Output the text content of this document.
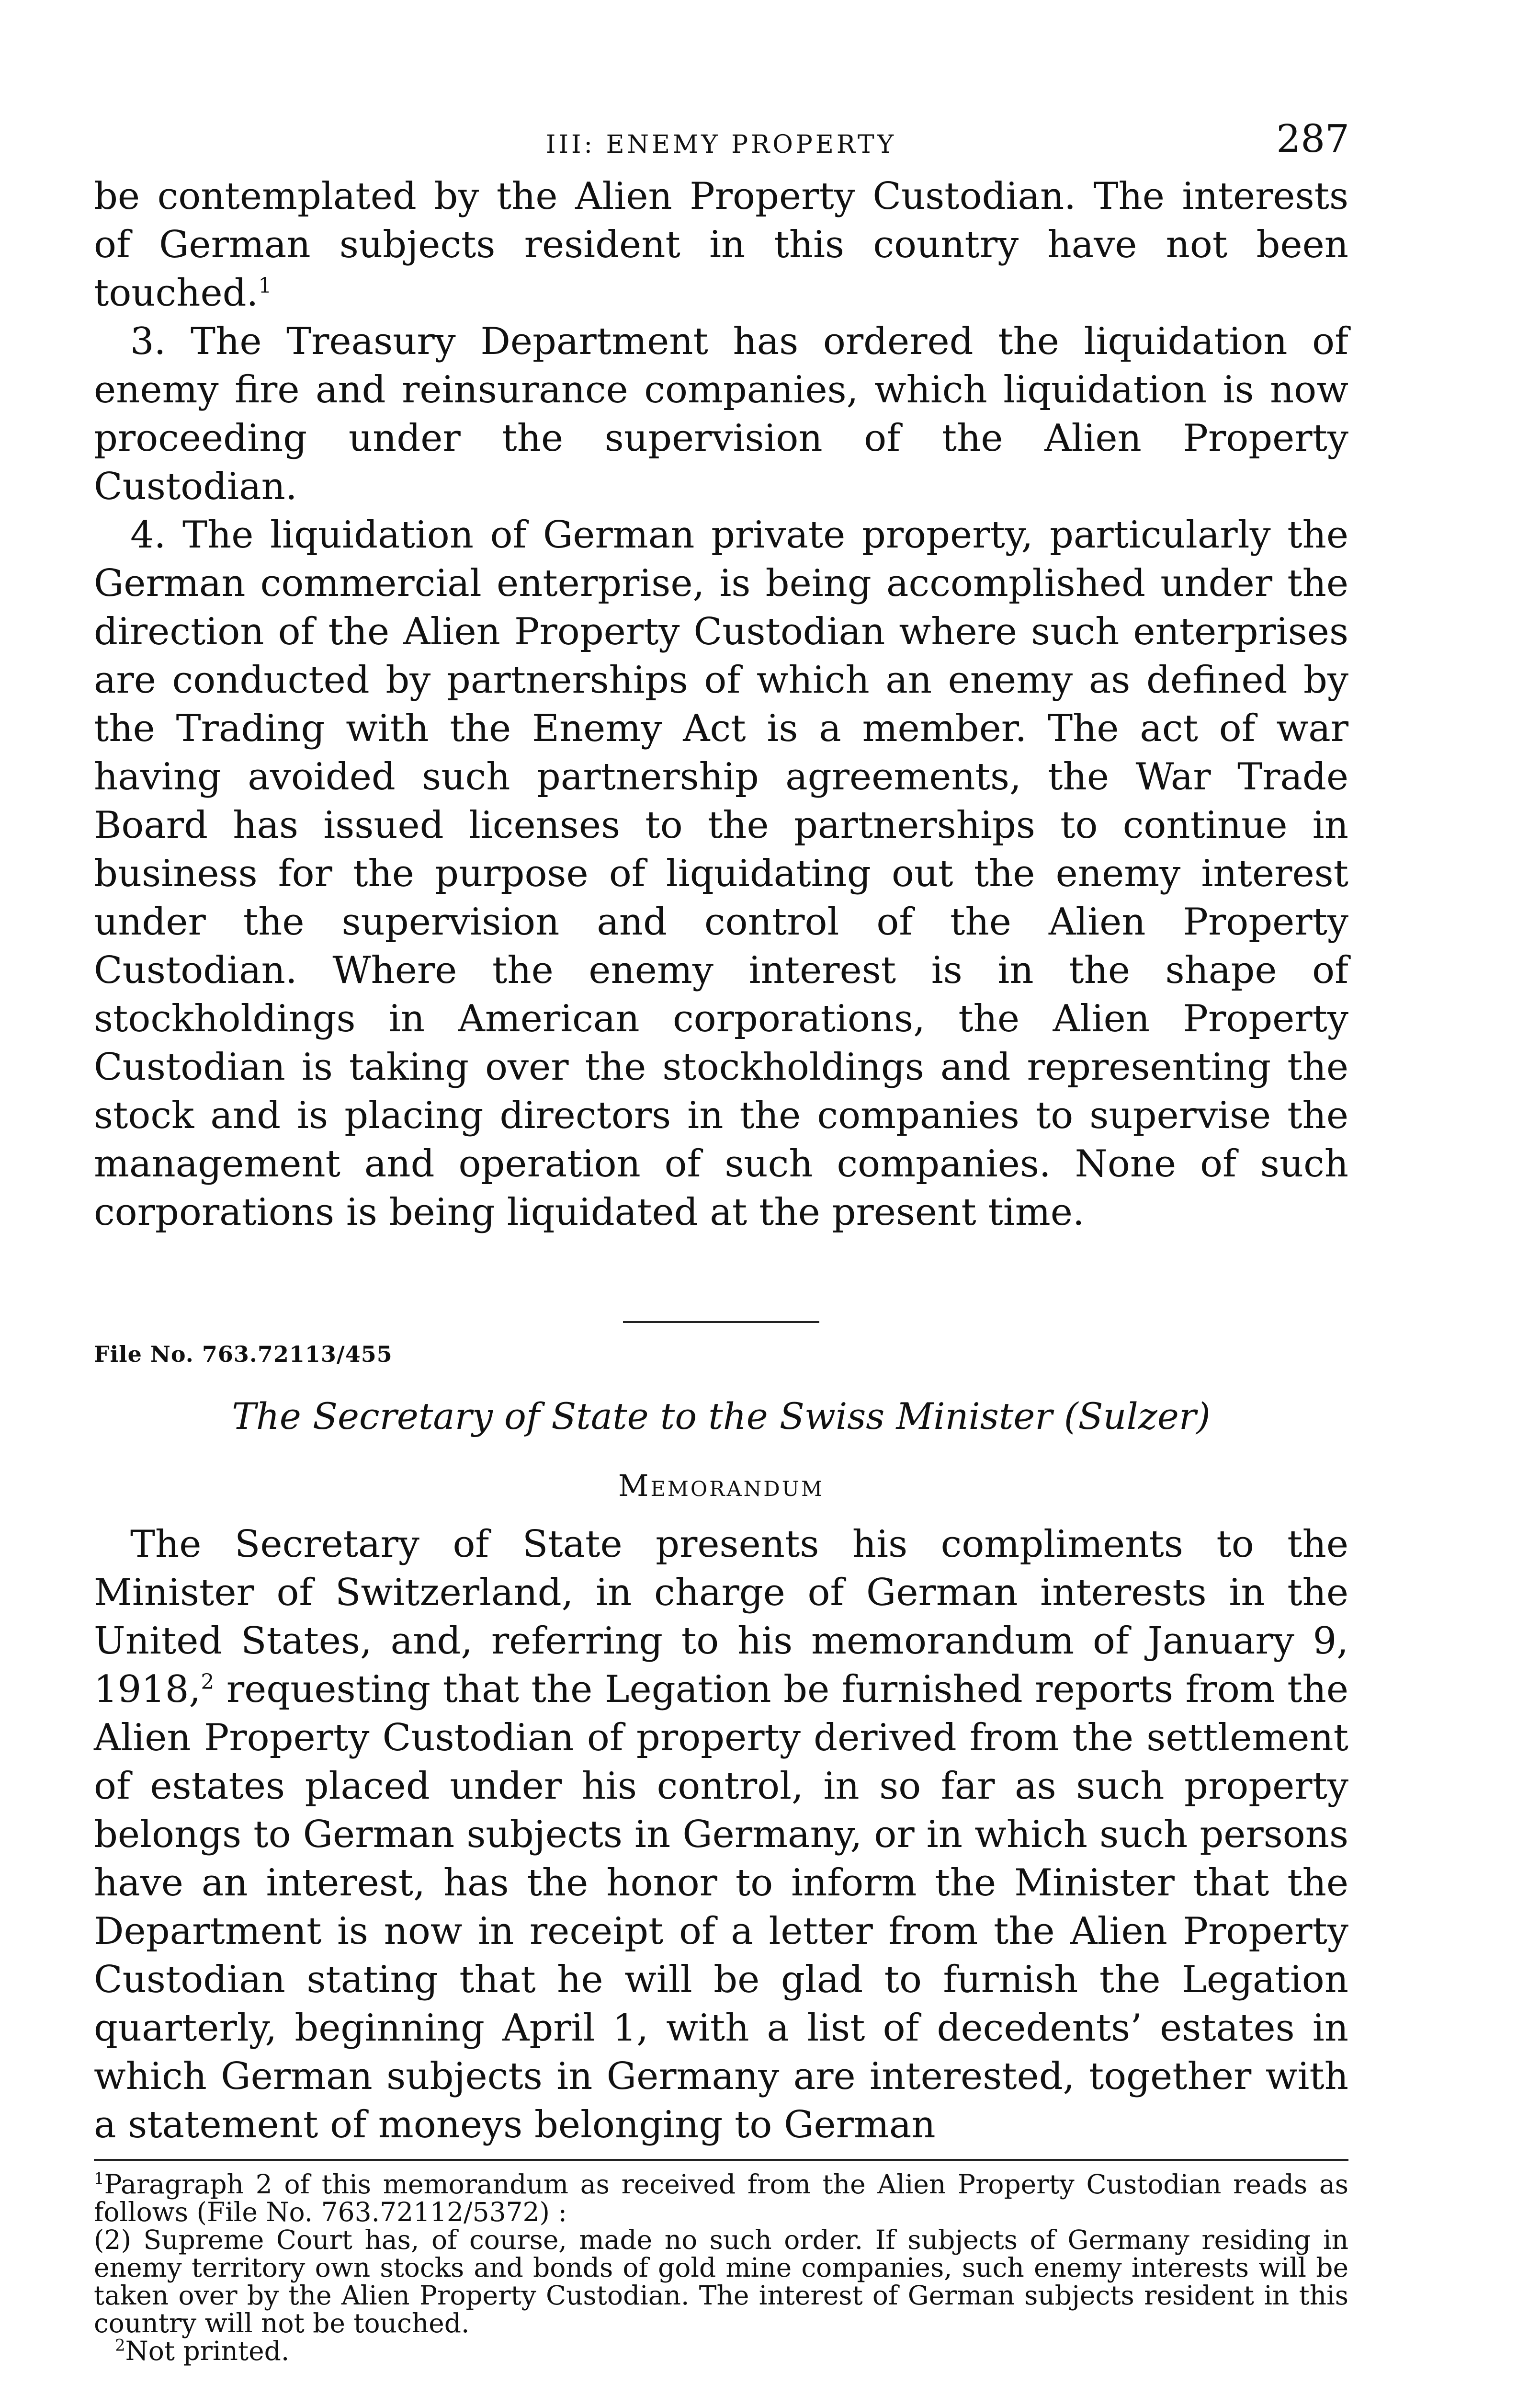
III: ENEMY PROPERTY	287

be contemplated by the Alien Property Custodian. The interests of German subjects resident in this country have not been touched.$^1$

3. The Treasury Department has ordered the liquidation of enemy fire and reinsurance companies, which liquidation is now proceeding under the supervision of the Alien Property Custodian.

4. The liquidation of German private property, particularly the German commercial enterprise, is being accomplished under the direction of the Alien Property Custodian where such enterprises are conducted by partnerships of which an enemy as defined by the Trading with the Enemy Act is a member. The act of war having avoided such partnership agreements, the War Trade Board has issued licenses to the partnerships to continue in business for the purpose of liquidating out the enemy interest under the supervision and control of the Alien Property Custodian. Where the enemy interest is in the shape of stockholdings in American corporations, the Alien Property Custodian is taking over the stockholdings and representing the stock and is placing directors in the companies to supervise the management and operation of such companies. None of such corporations is being liquidated at the present time.

File No. 763.72113/455
The Secretary of State to the Swiss Minister (Sulzer)
Memorandum

The Secretary of State presents his compliments to the Minister of Switzerland, in charge of German interests in the United States, and, referring to his memorandum of January 9, 1918,$^2$ requesting that the Legation be furnished reports from the Alien Property Custodian of property derived from the settlement of estates placed under his control, in so far as such property belongs to German subjects in Germany, or in which such persons have an interest, has the honor to inform the Minister that the Department is now in receipt of a letter from the Alien Property Custodian stating that he will be glad to furnish the Legation quarterly, beginning April 1, with a list of decedents’ estates in which German subjects in Germany are interested, together with a statement of moneys belonging to German

$^1$Paragraph 2 of this memorandum as received from the Alien Property Custodian reads as follows (File No. 763.72112/5372) :

(2) Supreme Court has, of course, made no such order. If subjects of Germany residing in enemy territory own stocks and bonds of gold mine companies, such enemy interests will be taken over by the Alien Property Custodian. The interest of German subjects resident in this country will not be touched.

$^2$Not printed.
